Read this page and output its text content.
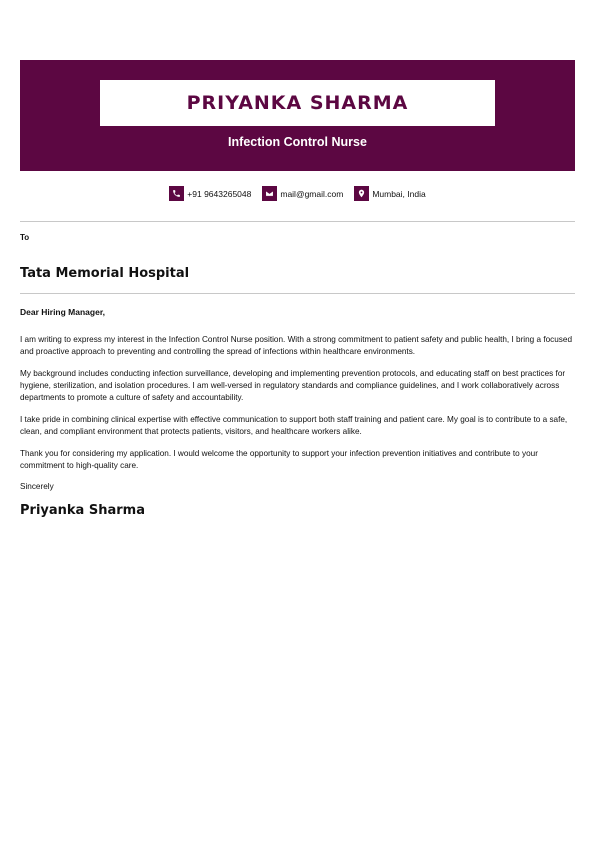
PRIYANKA SHARMA
Infection Control Nurse
+91 9643265048	mail@gmail.com	Mumbai, India
To
Tata Memorial Hospital
Dear Hiring Manager,

I am writing to express my interest in the Infection Control Nurse position. With a strong commitment to patient safety and public health, I bring a focused and proactive approach to preventing and controlling the spread of infections within healthcare environments.

My background includes conducting infection surveillance, developing and implementing prevention protocols, and educating staff on best practices for hygiene, sterilization, and isolation procedures. I am well-versed in regulatory standards and compliance guidelines, and I work collaboratively across departments to promote a culture of safety and accountability.

I take pride in combining clinical expertise with effective communication to support both staff training and patient care. My goal is to contribute to a safe, clean, and compliant environment that protects patients, visitors, and healthcare workers alike.

Thank you for considering my application. I would welcome the opportunity to support your infection prevention initiatives and contribute to your commitment to high-quality care.

Sincerely
Priyanka Sharma
